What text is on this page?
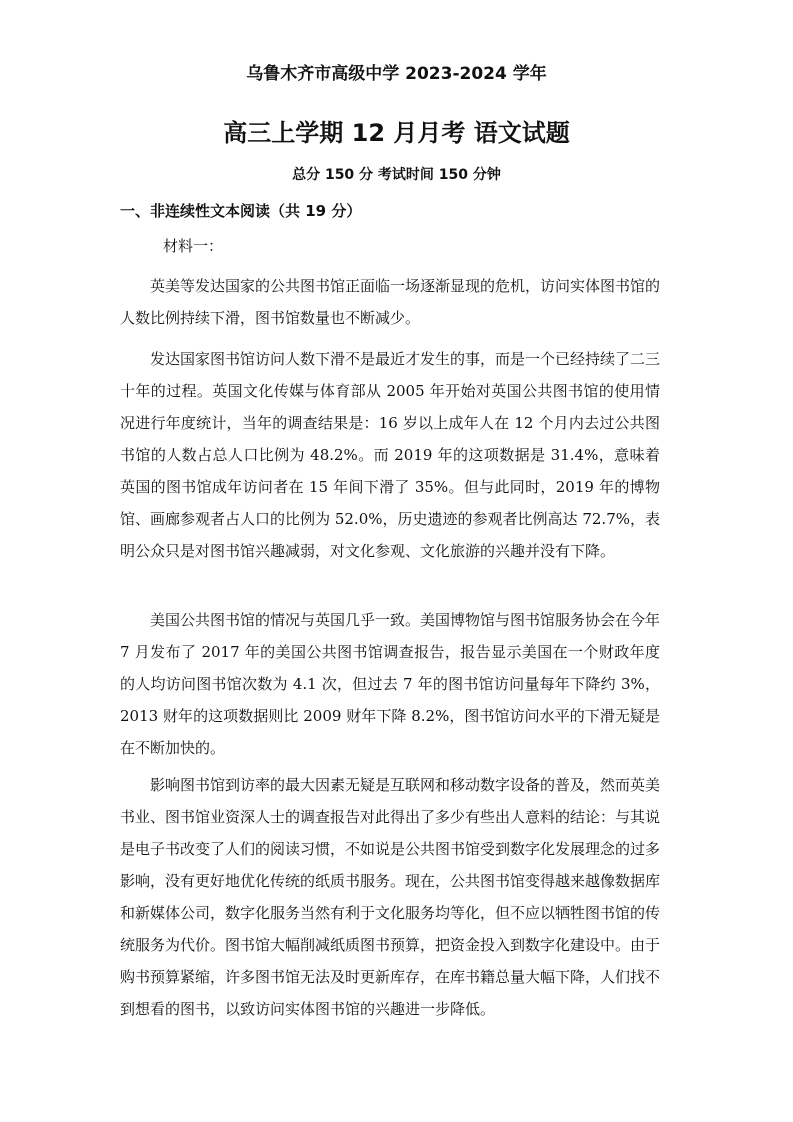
乌鲁木齐市高级中学 2023-2024 学年
高三上学期 12 月月考 语文试题
总分 150 分 考试时间 150 分钟
一、非连续性文本阅读（共 19 分）
材料一：

英美等发达国家的公共图书馆正面临一场逐渐显现的危机，访问实体图书馆的人数比例持续下滑，图书馆数量也不断减少。

发达国家图书馆访问人数下滑不是最近才发生的事，而是一个已经持续了二三十年的过程。英国文化传媒与体育部从 2005 年开始对英国公共图书馆的使用情况进行年度统计，当年的调查结果是：16 岁以上成年人在 12 个月内去过公共图书馆的人数占总人口比例为 48.2%。而 2019 年的这项数据是 31.4%，意味着英国的图书馆成年访问者在 15 年间下滑了 35%。但与此同时，2019 年的博物馆、画廊参观者占人口的比例为 52.0%，历史遗迹的参观者比例高达 72.7%，表明公众只是对图书馆兴趣减弱，对文化参观、文化旅游的兴趣并没有下降。

美国公共图书馆的情况与英国几乎一致。美国博物馆与图书馆服务协会在今年 7 月发布了 2017 年的美国公共图书馆调查报告，报告显示美国在一个财政年度的人均访问图书馆次数为 4.1 次，但过去 7 年的图书馆访问量每年下降约 3%，2013 财年的这项数据则比 2009 财年下降 8.2%，图书馆访问水平的下滑无疑是在不断加快的。

影响图书馆到访率的最大因素无疑是互联网和移动数字设备的普及，然而英美书业、图书馆业资深人士的调查报告对此得出了多少有些出人意料的结论：与其说是电子书改变了人们的阅读习惯，不如说是公共图书馆受到数字化发展理念的过多影响，没有更好地优化传统的纸质书服务。现在，公共图书馆变得越来越像数据库和新媒体公司，数字化服务当然有利于文化服务均等化，但不应以牺牲图书馆的传统服务为代价。图书馆大幅削减纸质图书预算，把资金投入到数字化建设中。由于购书预算紧缩，许多图书馆无法及时更新库存，在库书籍总量大幅下降，人们找不到想看的图书，以致访问实体图书馆的兴趣进一步降低。
